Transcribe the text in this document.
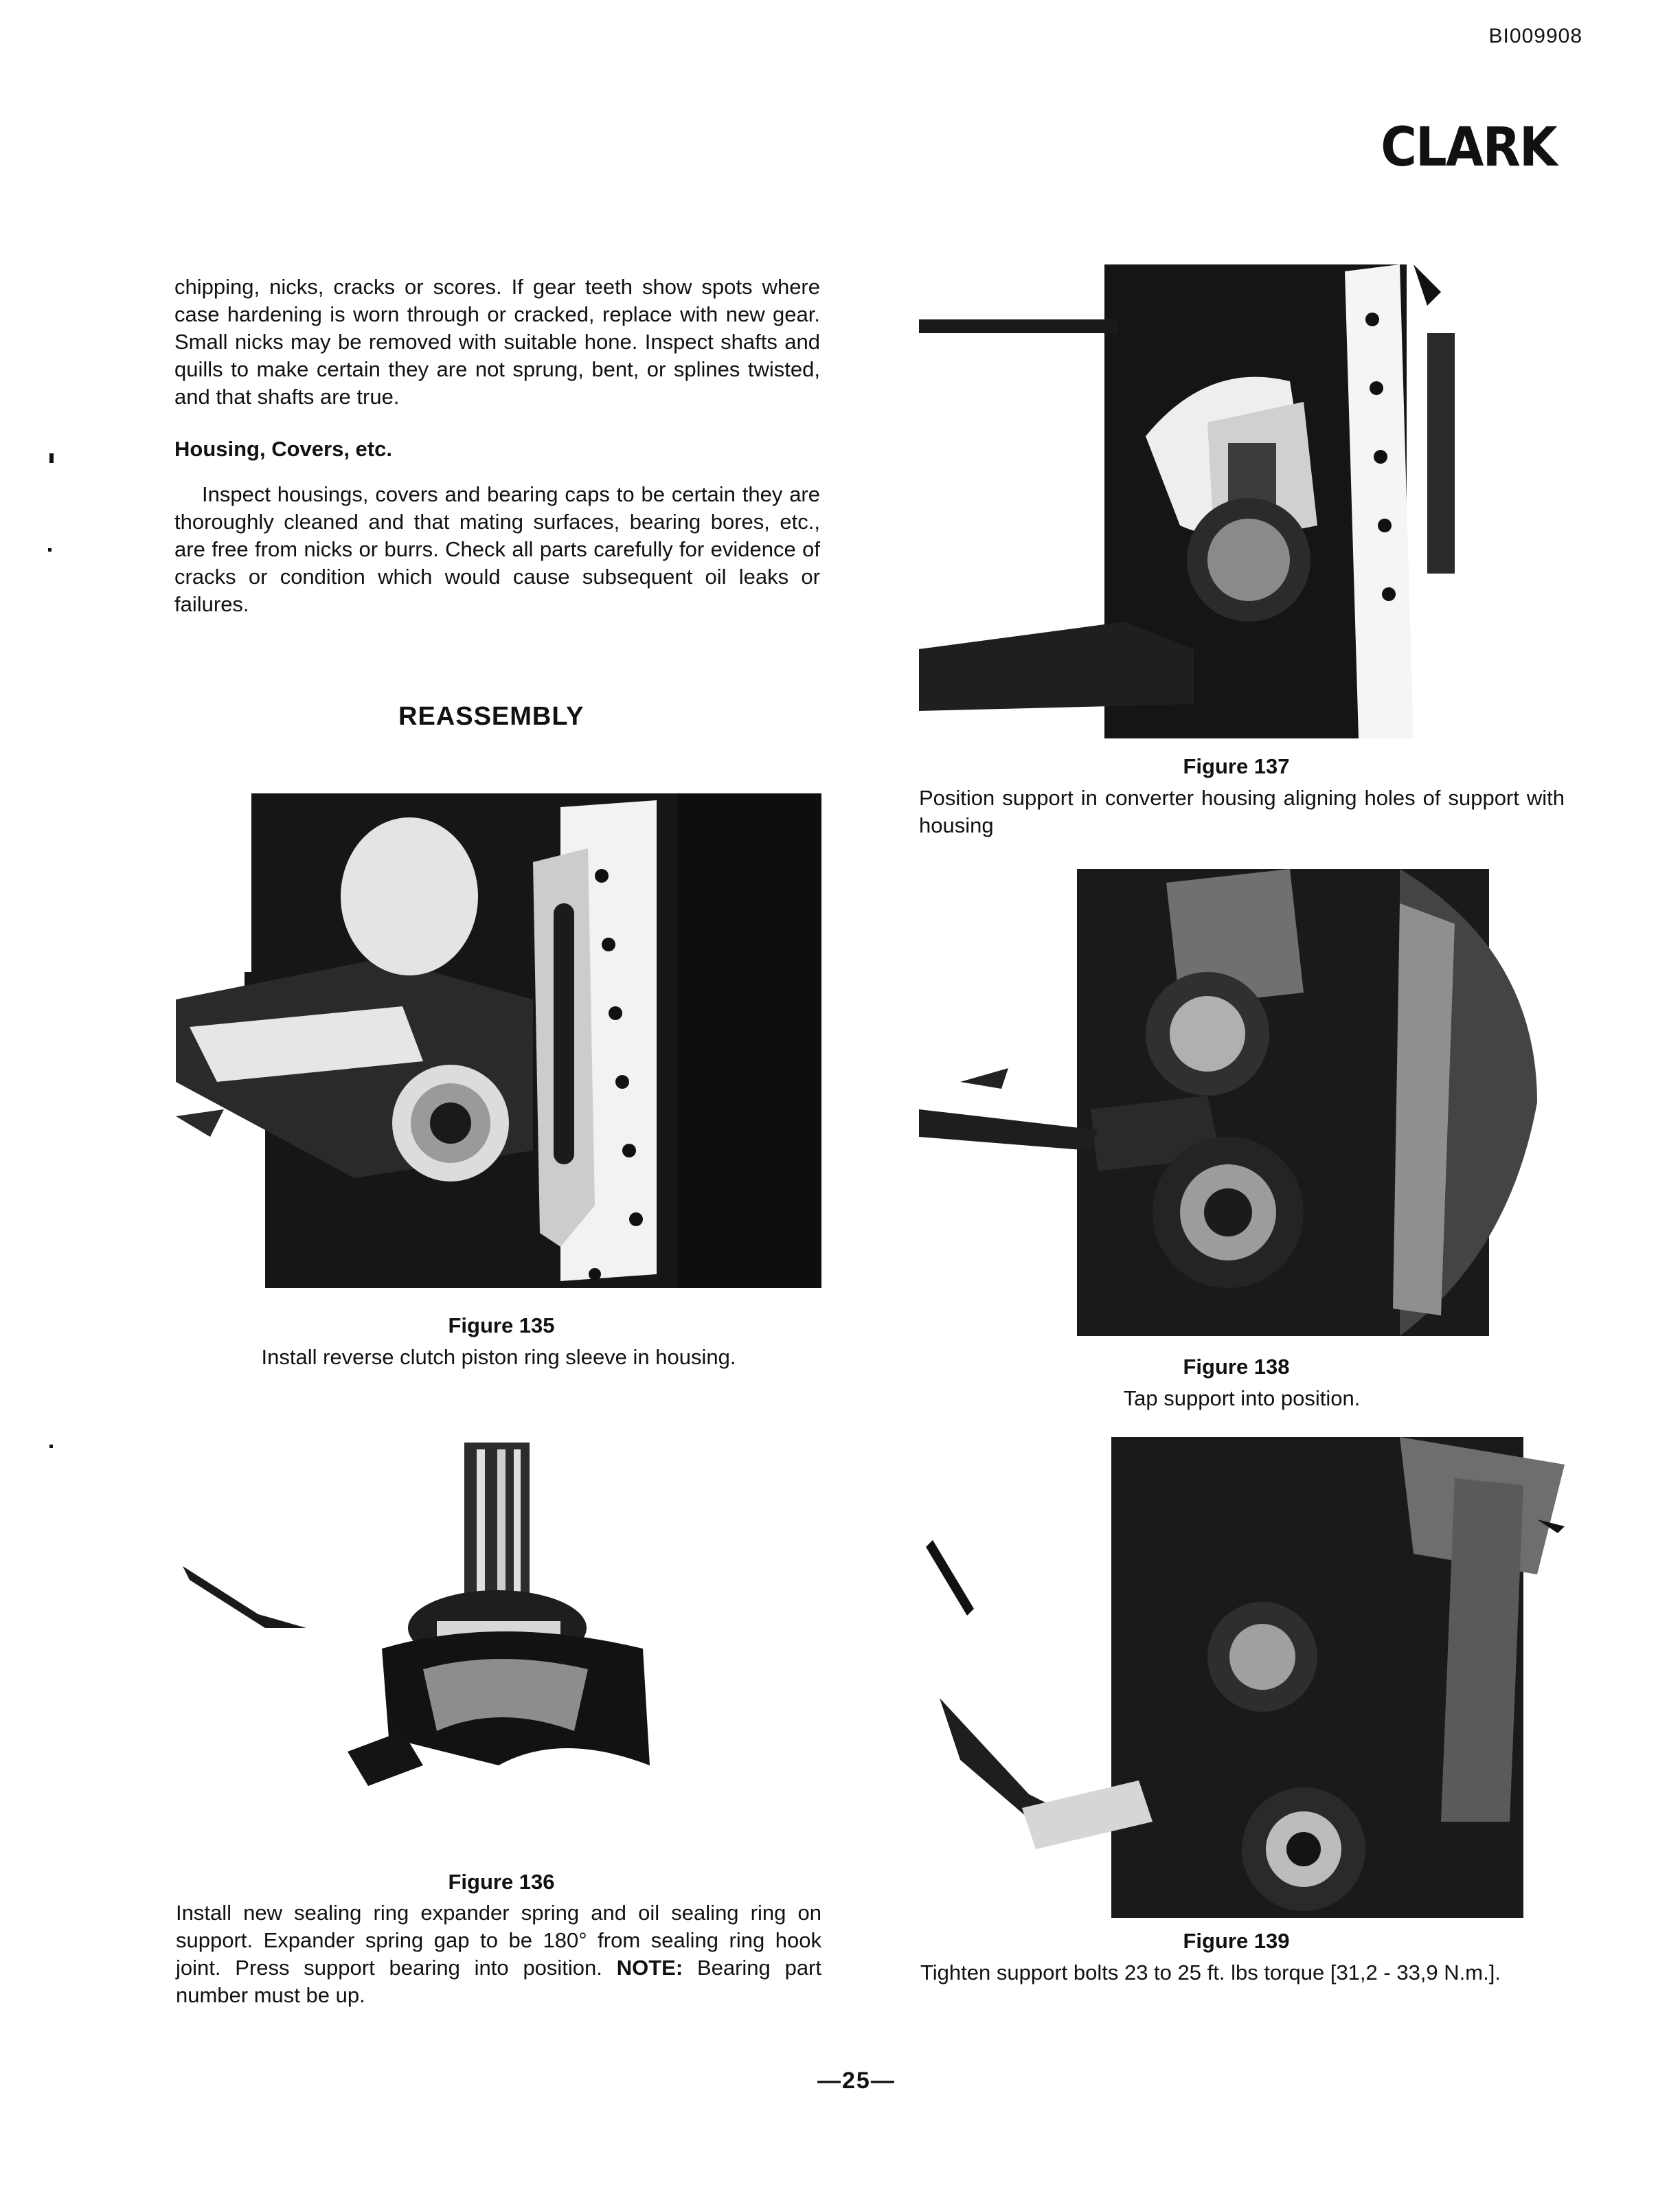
BI009908
CLARK

chipping, nicks, cracks or scores. If gear teeth show spots where case hardening is worn through or cracked, replace with new gear. Small nicks may be removed with suitable hone. Inspect shafts and quills to make certain they are not sprung, bent, or splines twisted, and that shafts are true.

Housing, Covers, etc.

Inspect housings, covers and bearing caps to be certain they are thoroughly cleaned and that mating surfaces, bearing bores, etc., are free from nicks or burrs. Check all parts carefully for evidence of cracks or condition which would cause subsequent oil leaks or failures.

REASSEMBLY
Figure 135

Install reverse clutch piston ring sleeve in housing.

Figure 136

Install new sealing ring expander spring and oil sealing ring on support. Expander spring gap to be 180° from sealing ring hook joint. Press support bearing into position. NOTE: Bearing part number must be up.

Figure 137

Position support in converter housing aligning holes of support with housing

Figure 138

Tap support into position.

Figure 139

Tighten support bolts 23 to 25 ft. lbs torque [31,2 - 33,9 N.m.].

—25—
